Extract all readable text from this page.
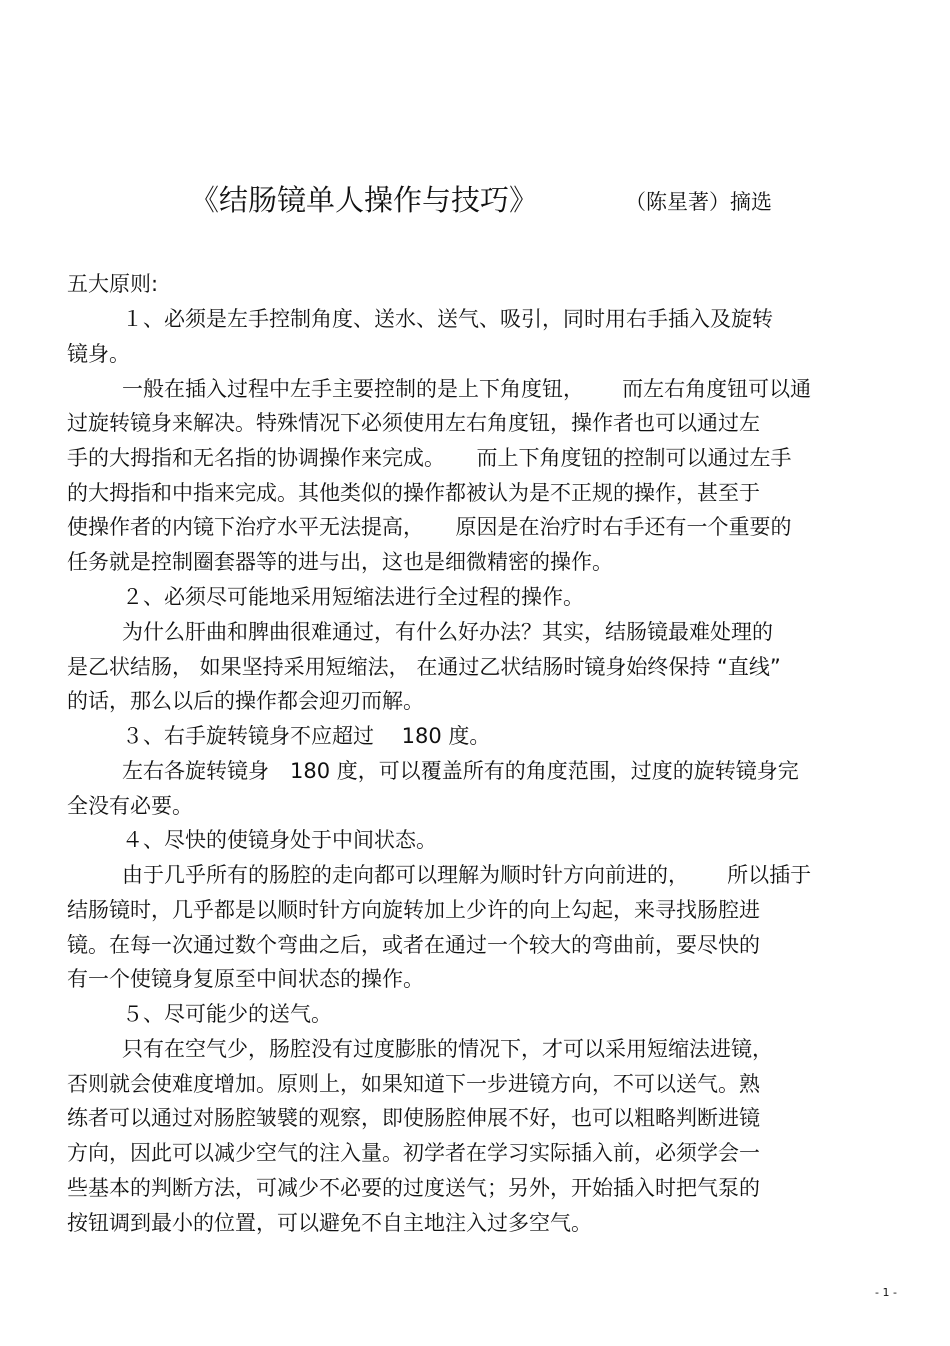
《结肠镜单人操作与技巧》	（陈星著）摘选
五大原则:
１、必须是左手控制角度、送水、送气、吸引，同时用右手插入及旋转
镜身。
一般在插入过程中左手主要控制的是上下角度钮，　　 而左右角度钮可以通
过旋转镜身来解决。特殊情况下必须使用左右角度钮，操作者也可以通过左
手的大拇指和无名指的协调操作来完成。　　而上下角度钮的控制可以通过左手
的大拇指和中指来完成。其他类似的操作都被认为是不正规的操作，甚至于
使操作者的内镜下治疗水平无法提高，　　原因是在治疗时右手还有一个重要的
任务就是控制圈套器等的进与出，这也是细微精密的操作。
２、必须尽可能地采用短缩法进行全过程的操作。
为什么肝曲和脾曲很难通过，有什么好办法？其实，结肠镜最难处理的
是乙状结肠， 如果坚持采用短缩法， 在通过乙状结肠时镜身始终保持 “直线”
的话，那么以后的操作都会迎刃而解。
３、右手旋转镜身不应超过　 180 度。
左右各旋转镜身　180 度，可以覆盖所有的角度范围，过度的旋转镜身完
全没有必要。
４、尽快的使镜身处于中间状态。
由于几乎所有的肠腔的走向都可以理解为顺时针方向前进的，　　 所以插于
结肠镜时，几乎都是以顺时针方向旋转加上少许的向上勾起，来寻找肠腔进
镜。在每一次通过数个弯曲之后，或者在通过一个较大的弯曲前，要尽快的
有一个使镜身复原至中间状态的操作。
５、尽可能少的送气。
只有在空气少，肠腔没有过度膨胀的情况下，才可以采用短缩法进镜，
否则就会使难度增加。原则上，如果知道下一步进镜方向，不可以送气。熟
练者可以通过对肠腔皱襞的观察，即使肠腔伸展不好，也可以粗略判断进镜
方向，因此可以减少空气的注入量。初学者在学习实际插入前，必须学会一
些基本的判断方法，可减少不必要的过度送气；另外，开始插入时把气泵的
按钮调到最小的位置，可以避免不自主地注入过多空气。
- 1 -
